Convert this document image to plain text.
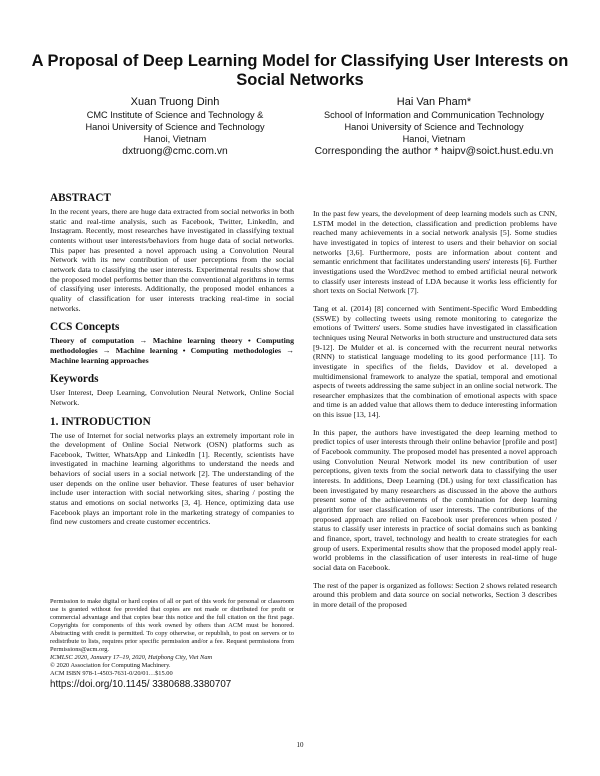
A Proposal of Deep Learning Model for Classifying User Interests on Social Networks
Xuan Truong Dinh
CMC Institute of Science and Technology &
Hanoi University of Science and Technology
Hanoi, Vietnam
dxtruong@cmc.com.vn
Hai Van Pham*
School of Information and Communication Technology
Hanoi University of Science and Technology
Hanoi, Vietnam
Corresponding the author * haipv@soict.hust.edu.vn
ABSTRACT

In the recent years, there are huge data extracted from social networks in both static and real-time analysis, such as Facebook, Twitter, LinkedIn, and Instagram. Recently, most researches have investigated in classifying textual contents without user interests/behaviors from huge data of social networks. This paper has presented a novel approach using a Convolution Neural Network with its new contribution of user perceptions from the social network data to classifying the user interests. Experimental results show that the proposed model performs better than the conventional algorithms in terms of classifying user interests. Additionally, the proposed model enhances a quality of classification for user interests tracking real-time in social networks.

CCS Concepts

Theory of computation → Machine learning theory • Computing methodologies → Machine learning • Computing methodologies → Machine learning approaches

Keywords

User Interest, Deep Learning, Convolution Neural Network, Online Social Network.

1. INTRODUCTION

The use of Internet for social networks plays an extremely important role in the development of Online Social Network (OSN) platforms such as Facebook, Twitter, WhatsApp and LinkedIn [1]. Recently, scientists have investigated in machine learning algorithms to understand the needs and behaviors of social users in a social network [2]. The understanding of the user depends on the online user behavior. These features of user behavior include user interaction with social networking sites, sharing / posting the status and emotions on social networks [3, 4]. Hence, optimizing data use Facebook plays an important role in the marketing strategy of companies to find new customers and create customer eccentrics.

Permission to make digital or hard copies of all or part of this work for personal or classroom use is granted without fee provided that copies are not made or distributed for profit or commercial advantage and that copies bear this notice and the full citation on the first page. Copyrights for components of this work owned by others than ACM must be honored. Abstracting with credit is permitted. To copy otherwise, or republish, to post on servers or to redistribute to lists, requires prior specific permission and/or a fee. Request permissions from Permissions@acm.org.

ICMLSC 2020, January 17–19, 2020, Haiphong City, Viet Nam

© 2020 Association for Computing Machinery.

ACM ISBN 978-1-4503-7631-0/20/01…$15.00

https://doi.org/10.1145/ 3380688.3380707

In the past few years, the development of deep learning models such as CNN, LSTM model in the detection, classification and prediction problems have reached many achievements in a social network analysis [5]. Some studies have investigated in topics of interest to users and their behavior on social networks [3,6]. Furthermore, posts are information about content and semantic enrichment that facilitates understanding users' interests [6]. Further investigations used the Word2vec method to embed artificial neural network to classify user interests instead of LDA because it works less efficiently for short texts on Social Network [7].

Tang et al. (2014) [8] concerned with Sentiment-Specific Word Embedding (SSWE) by collecting tweets using remote monitoring to categorize the emotions of Twitters' users. Some studies have investigated in classification techniques using Neural Networks in both structure and unstructured data sets [9-12]. De Mulder et al. is concerned with the recurrent neural networks (RNN) to statistical language modeling to its good performance [11]. To investigate in specifics of the fields, Davidov et al. developed a multidimensional framework to analyze the spatial, temporal and emotional aspects of tweets addressing the same subject in an online social network. The researcher emphasizes that the combination of emotional aspects with space and time is an added value that allows them to deduce interesting information on this issue [13, 14].

In this paper, the authors have investigated the deep learning method to predict topics of user interests through their online behavior [profile and post] of Facebook community. The proposed model has presented a novel approach using Convolution Neural Network model its new contribution of user perceptions, given texts from the social network data to classifying the user interests. In additions, Deep Learning (DL) using for text classification has been investigated by many researchers as discussed in the above the authors present some of the achievements of the combination for deep learning algorithm for user classification of user interests. The contributions of the proposed approach are relied on Facebook user preferences when posted / status to classify user interests in practice of social domains such as banking and finance, sport, travel, technology and health to create strategies for each group of users. Experimental results show that the proposed model apply real-world problems in the classification of user interests in real-time of huge social data on Facebook.

The rest of the paper is organized as follows: Section 2 shows related research around this problem and data source on social networks, Section 3 describes in more detail of the proposed

10
